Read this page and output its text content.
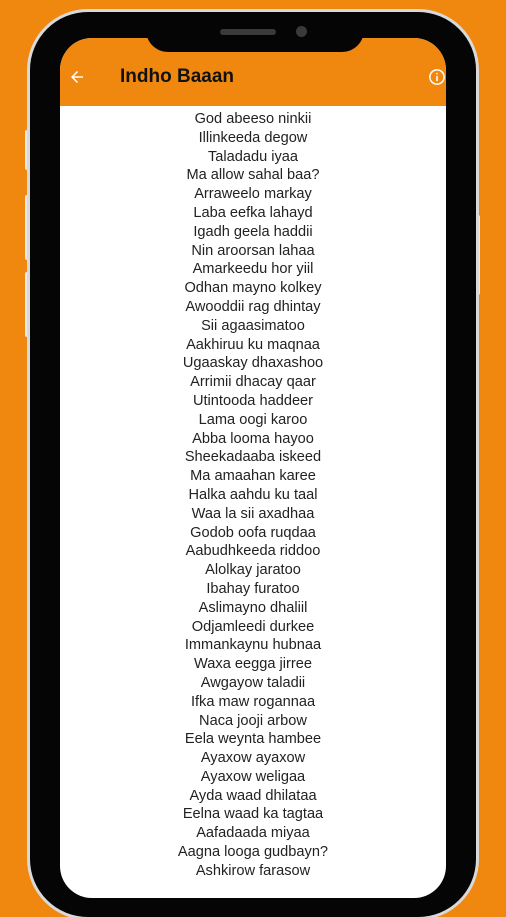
Indho Baaan
God abeeso ninkii
Illinkeeda degow
Taladadu iyaa
Ma allow sahal baa?
Arraweelo markay
Laba eefka lahayd
Igadh geela haddii
Nin aroorsan lahaa
Amarkeedu hor yiil
Odhan mayno kolkey
Awooddii rag dhintay
Sii agaasimatoo
Aakhiruu ku maqnaa
Ugaaskay dhaxashoo
Arrimii dhacay qaar
Utintooda haddeer
Lama oogi karoo
Abba looma hayoo
Sheekadaaba iskeed
Ma amaahan karee
Halka aahdu ku taal
Waa la sii axadhaa
Godob oofa ruqdaa
Aabudhkeeda riddoo
Alolkay jaratoo
Ibahay furatoo
Aslimayno dhaliil
Odjamleedi durkee
Immankaynu hubnaa
Waxa eegga jirree
Awgayow taladii
Ifka maw rogannaa
Naca jooji arbow
Eela weynta hambee
Ayaxow ayaxow
Ayaxow weligaa
Ayda waad dhilataa
Eelna waad ka tagtaa
Aafadaada miyaa
Aagna looga gudbayn?
Ashkirow farasow
